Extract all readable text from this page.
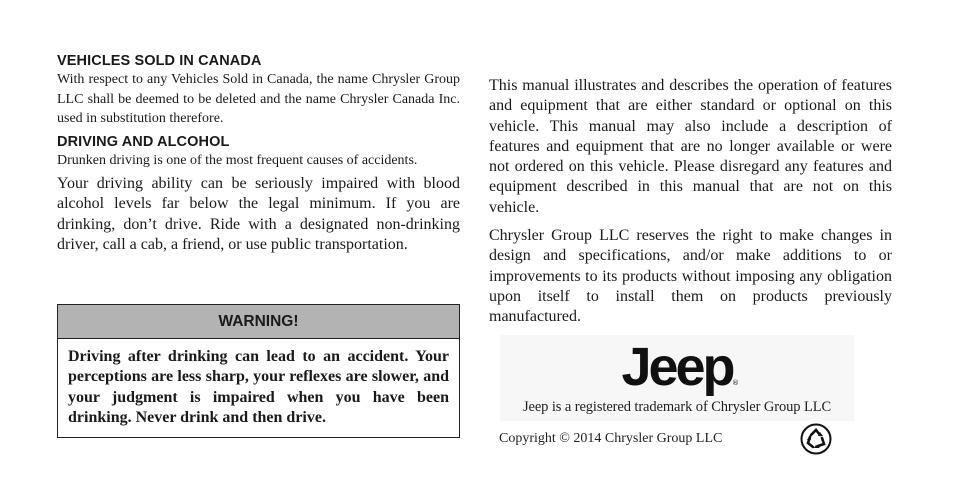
VEHICLES SOLD IN CANADA

With respect to any Vehicles Sold in Canada, the name Chrysler Group LLC shall be deemed to be deleted and the name Chrysler Canada Inc. used in substitution therefore.

DRIVING AND ALCOHOL

Drunken driving is one of the most frequent causes of accidents.

Your driving ability can be seriously impaired with blood alcohol levels far below the legal minimum. If you are drinking, don’t drive. Ride with a designated non-drinking driver, call a cab, a friend, or use public transportation.

WARNING!

Driving after drinking can lead to an accident. Your perceptions are less sharp, your reflexes are slower, and your judgment is impaired when you have been drinking. Never drink and then drive.

This manual illustrates and describes the operation of features and equipment that are either standard or optional on this vehicle. This manual may also include a description of features and equipment that are no longer available or were not ordered on this vehicle. Please disregard any features and equipment described in this manual that are not on this vehicle.

Chrysler Group LLC reserves the right to make changes in design and specifications, and/or make additions to or improvements to its products without imposing any obligation upon itself to install them on products previously manufactured.

Jeep ®
Jeep is a registered trademark of Chrysler Group LLC
Copyright © 2014 Chrysler Group LLC
